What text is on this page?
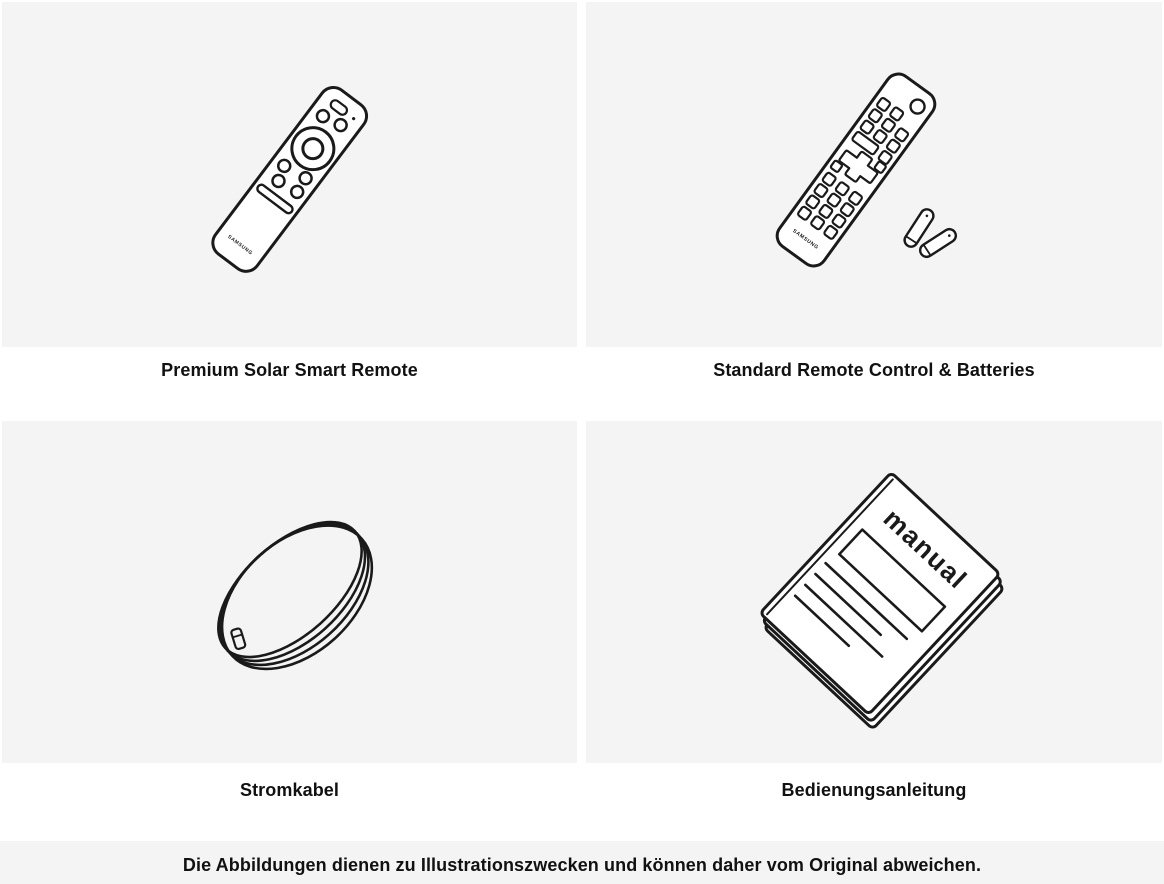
SAMSUNG	SAMSUNG
manual
Premium Solar Smart Remote	Standard Remote Control & Batteries
Stromkabel	Bedienungsanleitung
Die Abbildungen dienen zu Illustrationszwecken und können daher vom Original abweichen.
